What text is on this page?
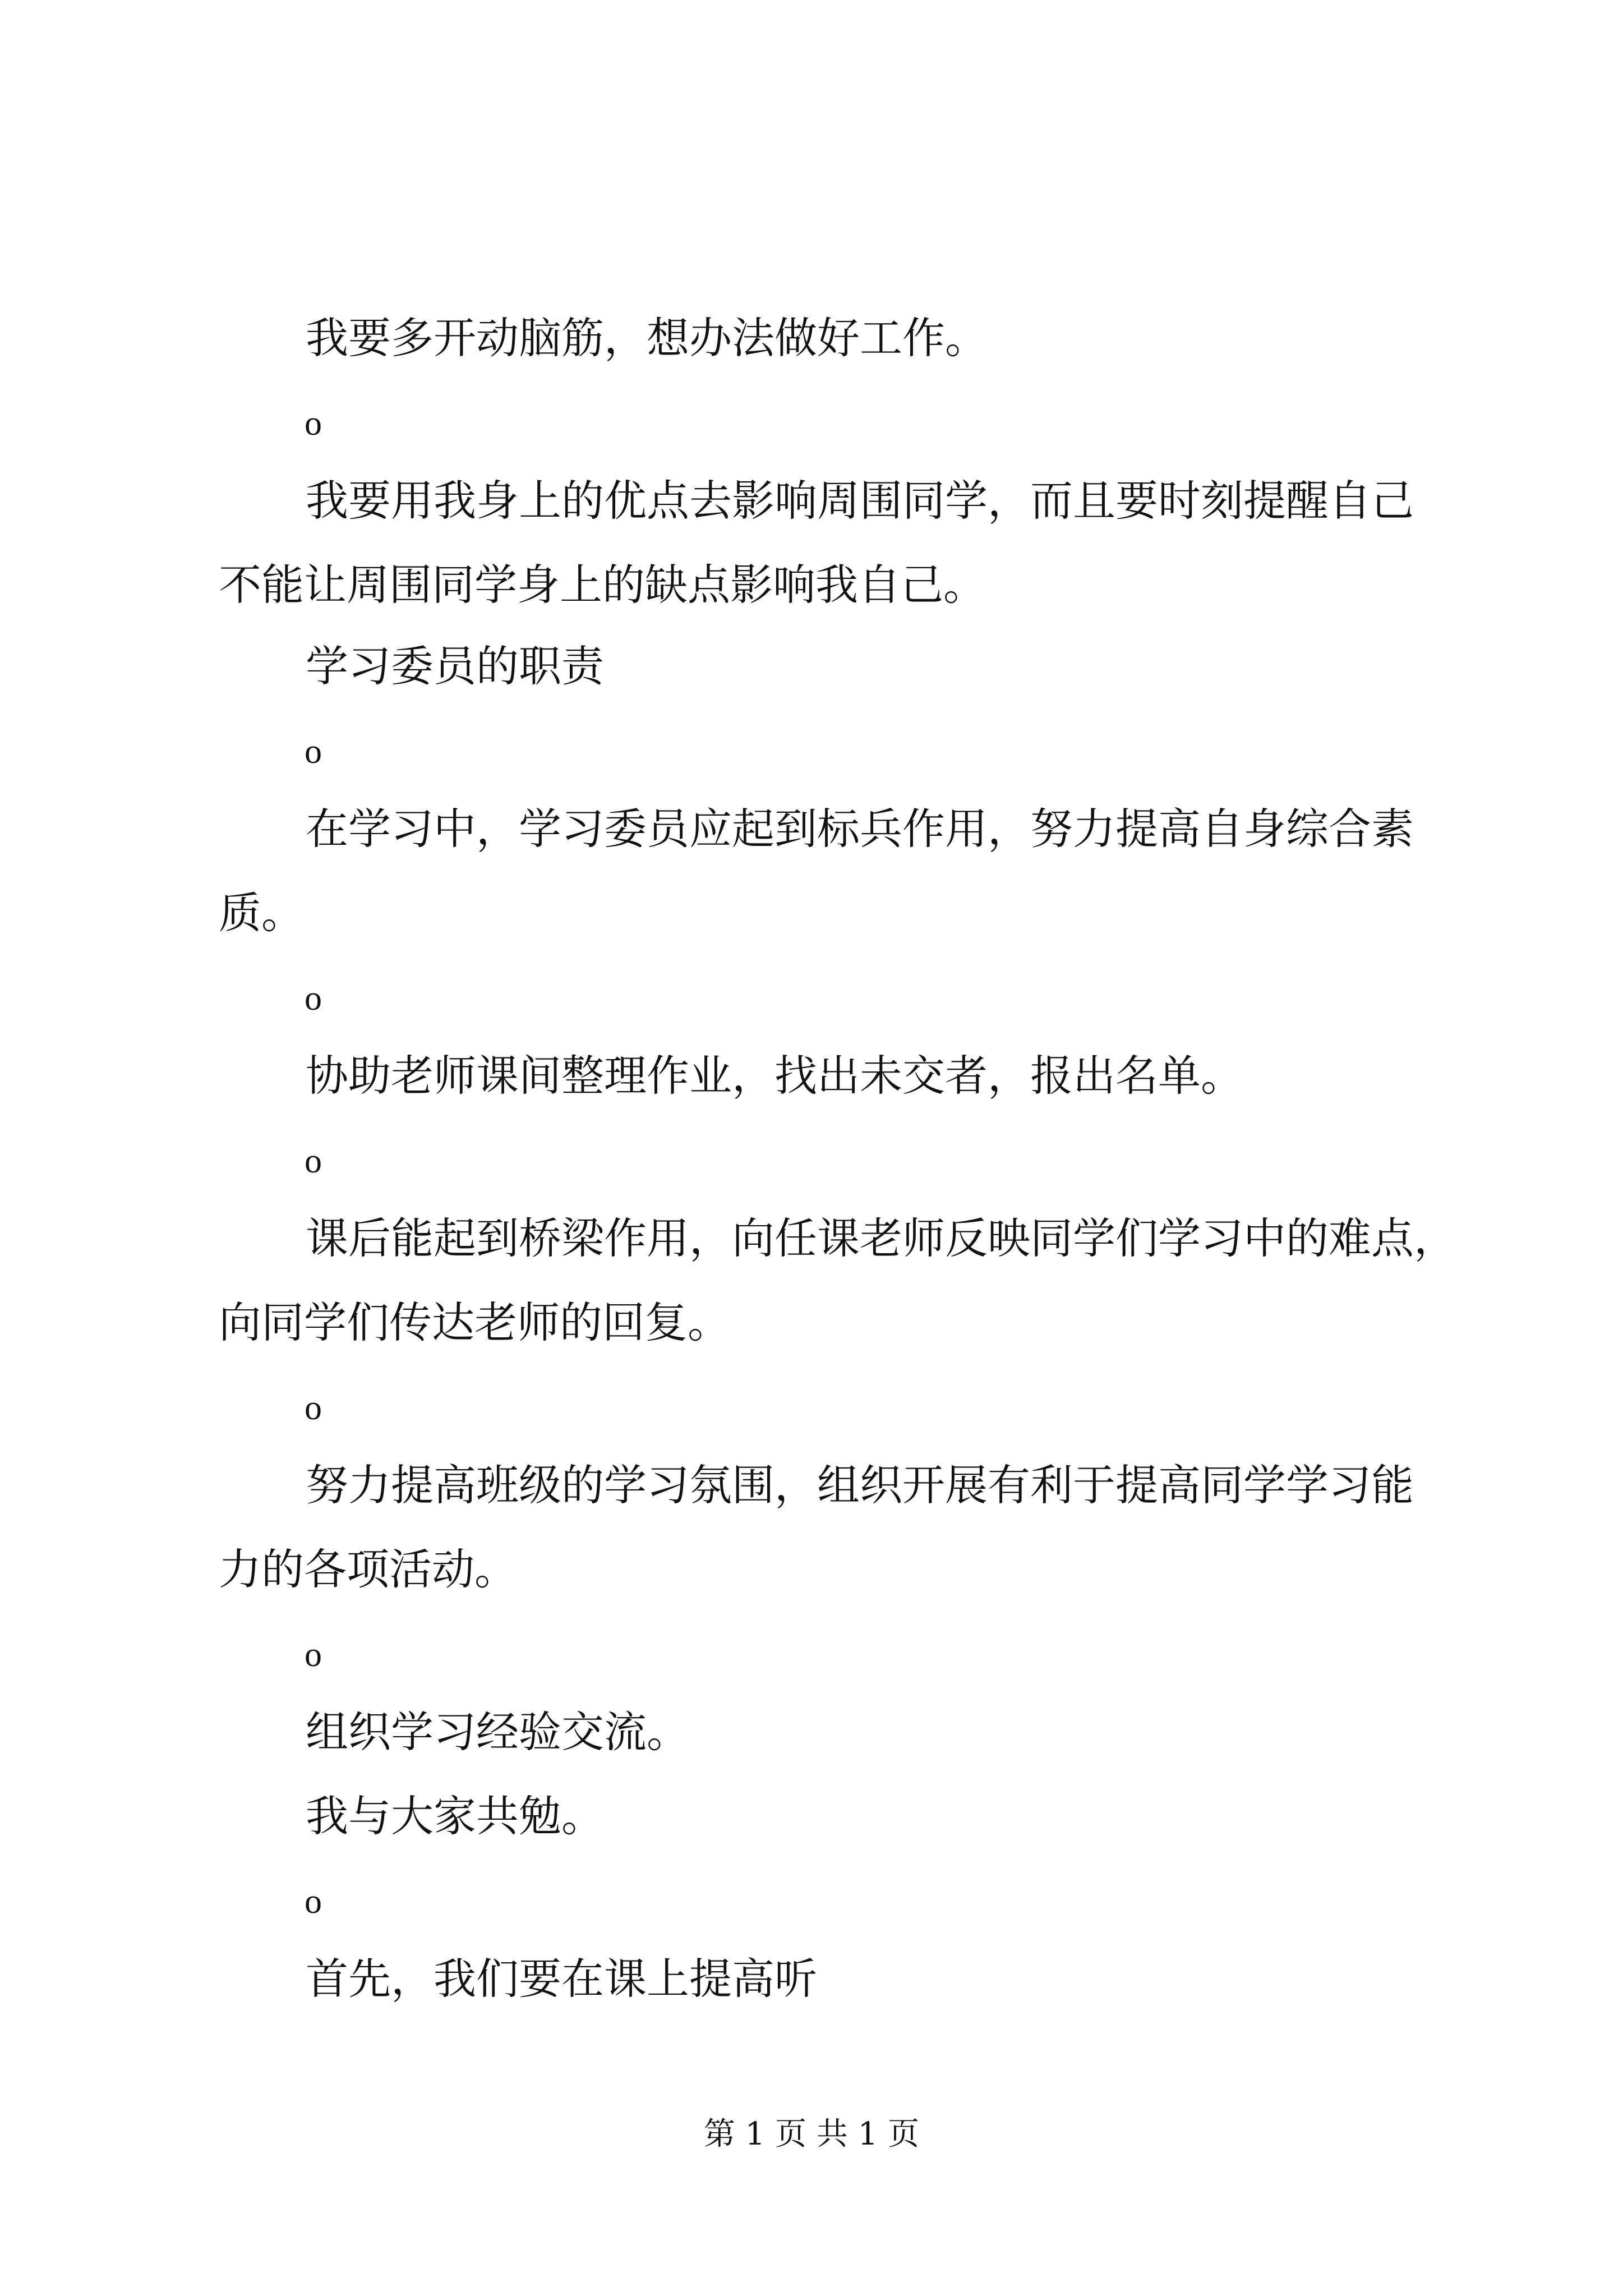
我要多开动脑筋，想办法做好工作。

o

我要用我身上的优点去影响周围同学，而且要时刻提醒自己

不能让周围同学身上的缺点影响我自己。

学习委员的职责

o

在学习中，学习委员应起到标兵作用，努力提高自身综合素

质。

o

协助老师课间整理作业，找出未交者，报出名单。

o

课后能起到桥梁作用，向任课老师反映同学们学习中的难点，

向同学们传达老师的回复。

o

努力提高班级的学习氛围，组织开展有利于提高同学学习能

力的各项活动。

o

组织学习经验交流。

我与大家共勉。

o

首先，我们要在课上提高听

第 1 页 共 1 页
